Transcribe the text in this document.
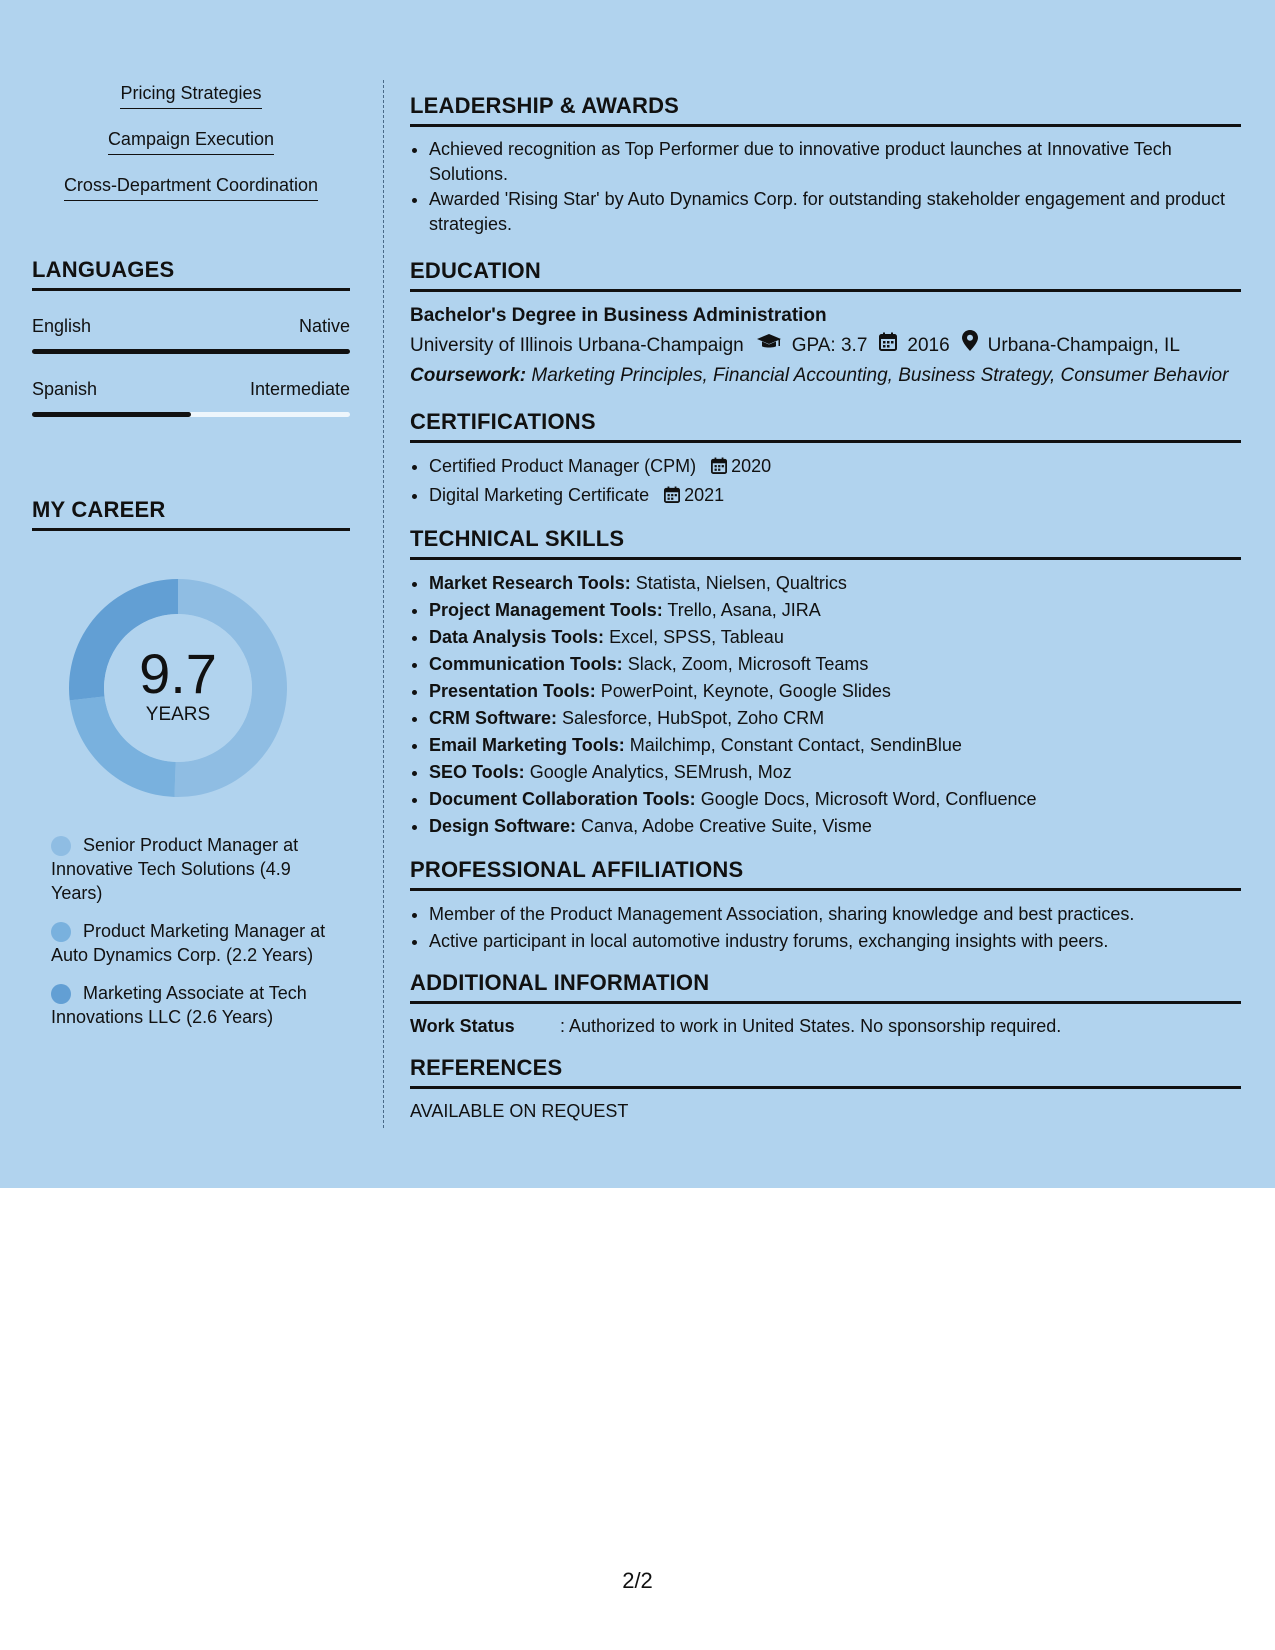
Pricing Strategies
Campaign Execution
Cross-Department Coordination
LANGUAGES
English	Native
Spanish	Intermediate
MY CAREER
9.7
YEARS
Senior Product Manager at Innovative Tech Solutions (4.9 Years)
Product Marketing Manager at Auto Dynamics Corp. (2.2 Years)
Marketing Associate at Tech Innovations LLC (2.6 Years)
LEADERSHIP & AWARDS
• Achieved recognition as Top Performer due to innovative product launches at Innovative Tech Solutions.
• Awarded 'Rising Star' by Auto Dynamics Corp. for outstanding stakeholder engagement and product strategies.
EDUCATION
Bachelor's Degree in Business Administration
University of Illinois Urbana-Champaign	GPA: 3.7 2016 Urbana-Champaign, IL
Coursework: Marketing Principles, Financial Accounting, Business Strategy, Consumer Behavior
CERTIFICATIONS
• Certified Product Manager (CPM) 2020
• Digital Marketing Certificate 2021
TECHNICAL SKILLS
• Market Research Tools: Statista, Nielsen, Qualtrics
• Project Management Tools: Trello, Asana, JIRA
• Data Analysis Tools: Excel, SPSS, Tableau
• Communication Tools: Slack, Zoom, Microsoft Teams
• Presentation Tools: PowerPoint, Keynote, Google Slides
• CRM Software: Salesforce, HubSpot, Zoho CRM
• Email Marketing Tools: Mailchimp, Constant Contact, SendinBlue
• SEO Tools: Google Analytics, SEMrush, Moz
• Document Collaboration Tools: Google Docs, Microsoft Word, Confluence
• Design Software: Canva, Adobe Creative Suite, Visme
PROFESSIONAL AFFILIATIONS
• Member of the Product Management Association, sharing knowledge and best practices.
• Active participant in local automotive industry forums, exchanging insights with peers.
ADDITIONAL INFORMATION
Work Status	: Authorized to work in United States. No sponsorship required.
REFERENCES
AVAILABLE ON REQUEST
2/2
